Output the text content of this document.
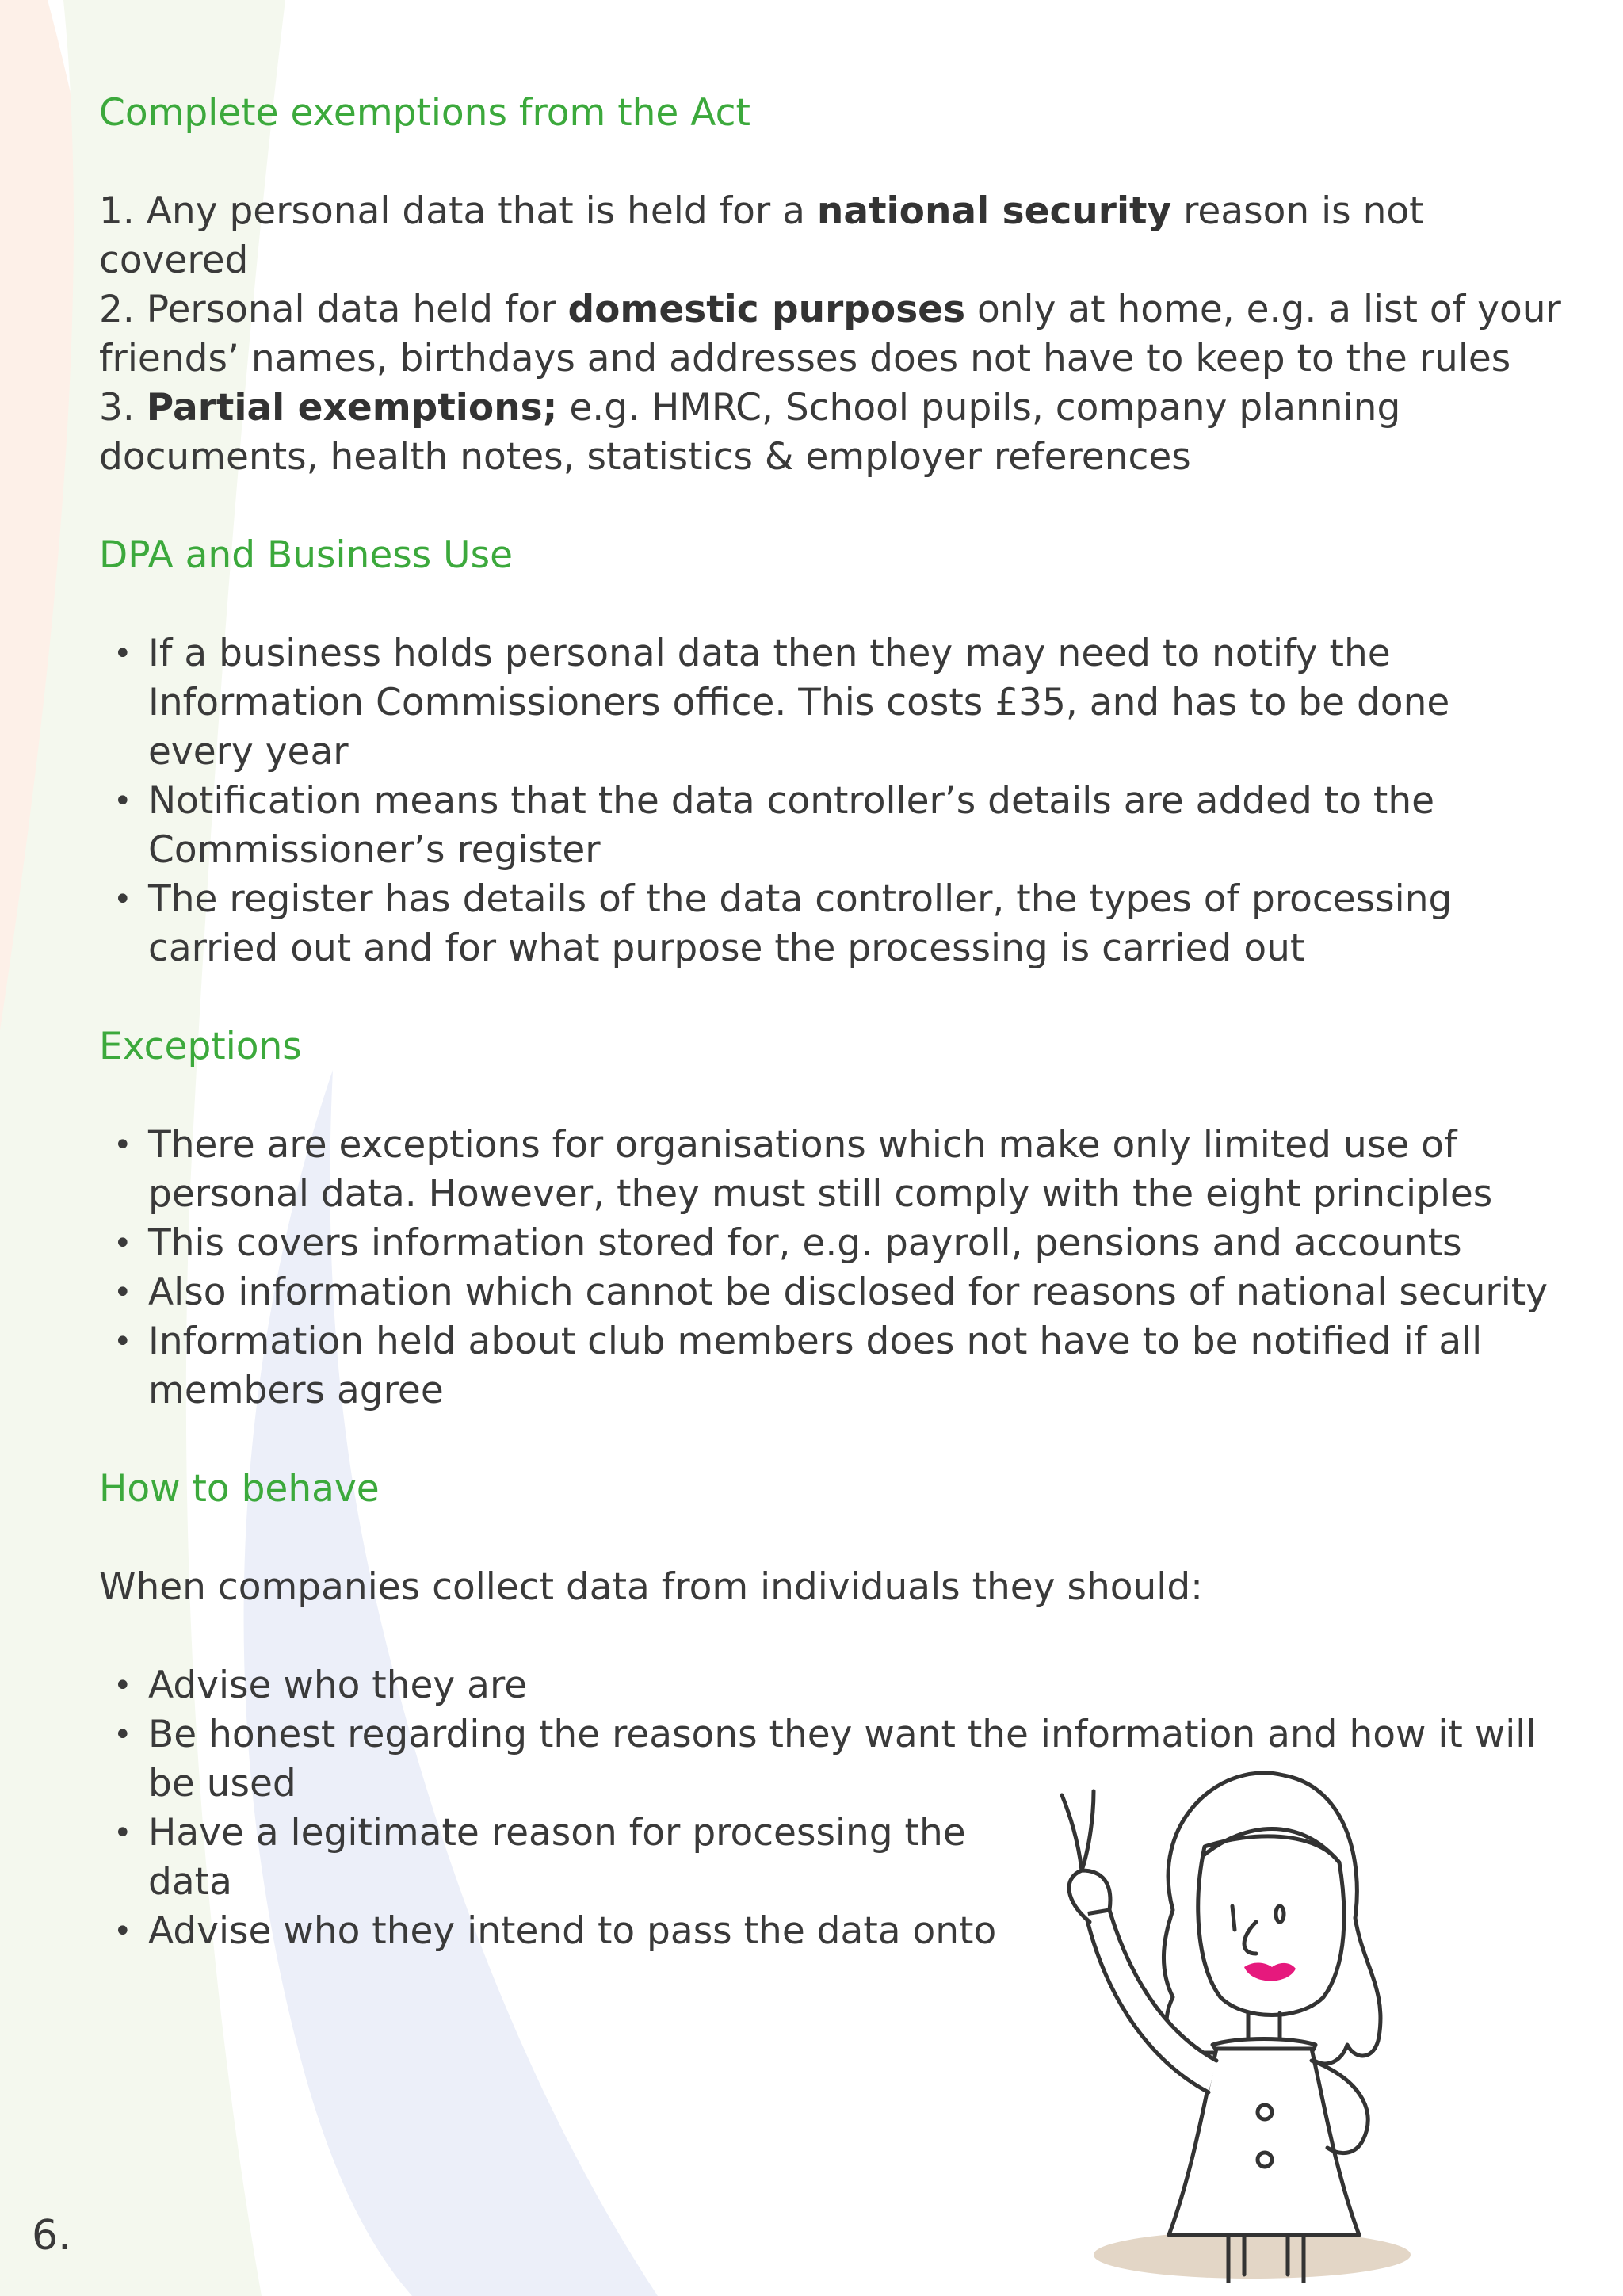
Complete exemptions from the Act

1. Any personal data that is held for a national security reason is not covered

2. Personal data held for domestic purposes only at home, e.g. a list of your friends’ names, birthdays and addresses does not have to keep to the rules

3. Partial exemptions; e.g. HMRC, School pupils, company planning documents, health notes, statistics & employer references

DPA and Business Use
• If a business holds personal data then they may need to notify the Information Commissioners office. This costs £35, and has to be done every year
• Notification means that the data controller’s details are added to the Commissioner’s register
• The register has details of the data controller, the types of processing carried out and for what purpose the processing is carried out
Exceptions
• There are exceptions for organisations which make only limited use of personal data. However, they must still comply with the eight principles
• This covers information stored for, e.g. payroll, pensions and accounts
• Also information which cannot be disclosed for reasons of national security
• Information held about club members does not have to be notified if all members agree
How to behave

When companies collect data from individuals they should:

• Advise who they are
• Be honest regarding the reasons they want the information and how it will be used
• Have a legitimate reason for processing the data
• Advise who they intend to pass the data onto
6.
